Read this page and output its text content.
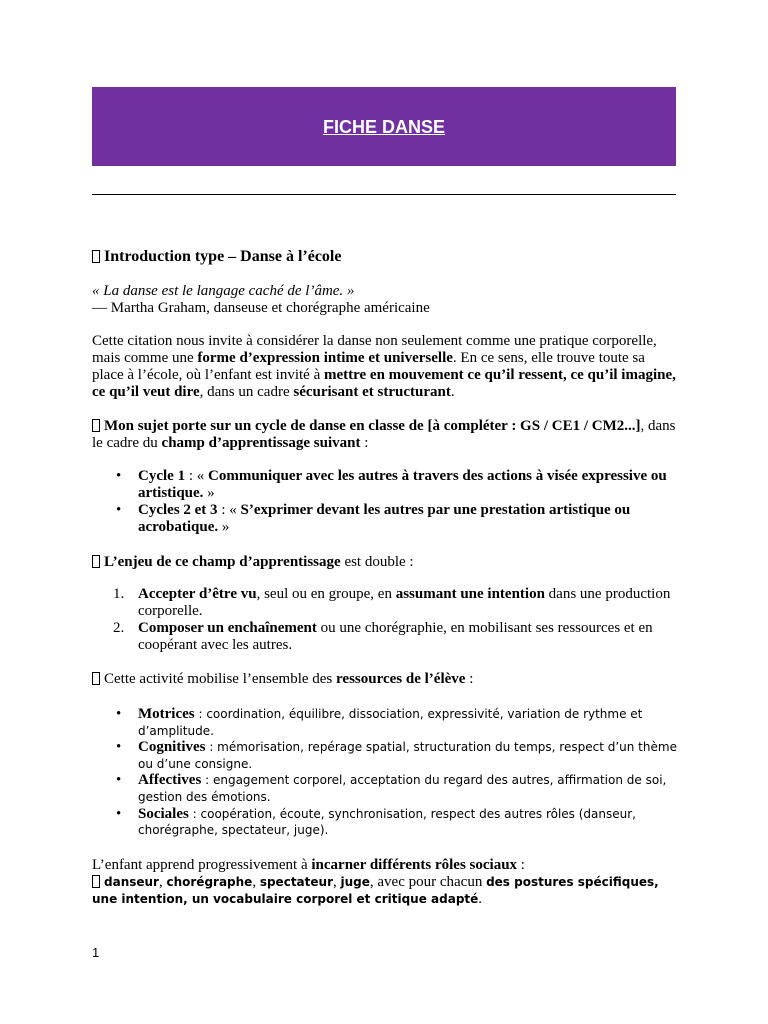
FICHE DANSE
Introduction type – Danse à l’école

« La danse est le langage caché de l’âme. »
— Martha Graham, danseuse et chorégraphe américaine

Cette citation nous invite à considérer la danse non seulement comme une pratique corporelle, mais comme une forme d’expression intime et universelle. En ce sens, elle trouve toute sa place à l’école, où l’enfant est invité à mettre en mouvement ce qu’il ressent, ce qu’il imagine, ce qu’il veut dire, dans un cadre sécurisant et structurant.

Mon sujet porte sur un cycle de danse en classe de [à compléter : GS / CE1 / CM2...], dans le cadre du champ d’apprentissage suivant :

• Cycle 1 : « Communiquer avec les autres à travers des actions à visée expressive ou artistique. »
• Cycles 2 et 3 : « S’exprimer devant les autres par une prestation artistique ou acrobatique. »

L’enjeu de ce champ d’apprentissage est double :

1. Accepter d’être vu, seul ou en groupe, en assumant une intention dans une production corporelle.
2. Composer un enchaînement ou une chorégraphie, en mobilisant ses ressources et en coopérant avec les autres.

Cette activité mobilise l’ensemble des ressources de l’élève :

• Motrices : coordination, équilibre, dissociation, expressivité, variation de rythme et d’amplitude.
• Cognitives : mémorisation, repérage spatial, structuration du temps, respect d’un thème ou d’une consigne.
• Affectives : engagement corporel, acceptation du regard des autres, affirmation de soi, gestion des émotions.
• Sociales : coopération, écoute, synchronisation, respect des autres rôles (danseur, chorégraphe, spectateur, juge).

L’enfant apprend progressivement à incarner différents rôles sociaux :
danseur, chorégraphe, spectateur, juge, avec pour chacun des postures spécifiques, une intention, un vocabulaire corporel et critique adapté.

1
